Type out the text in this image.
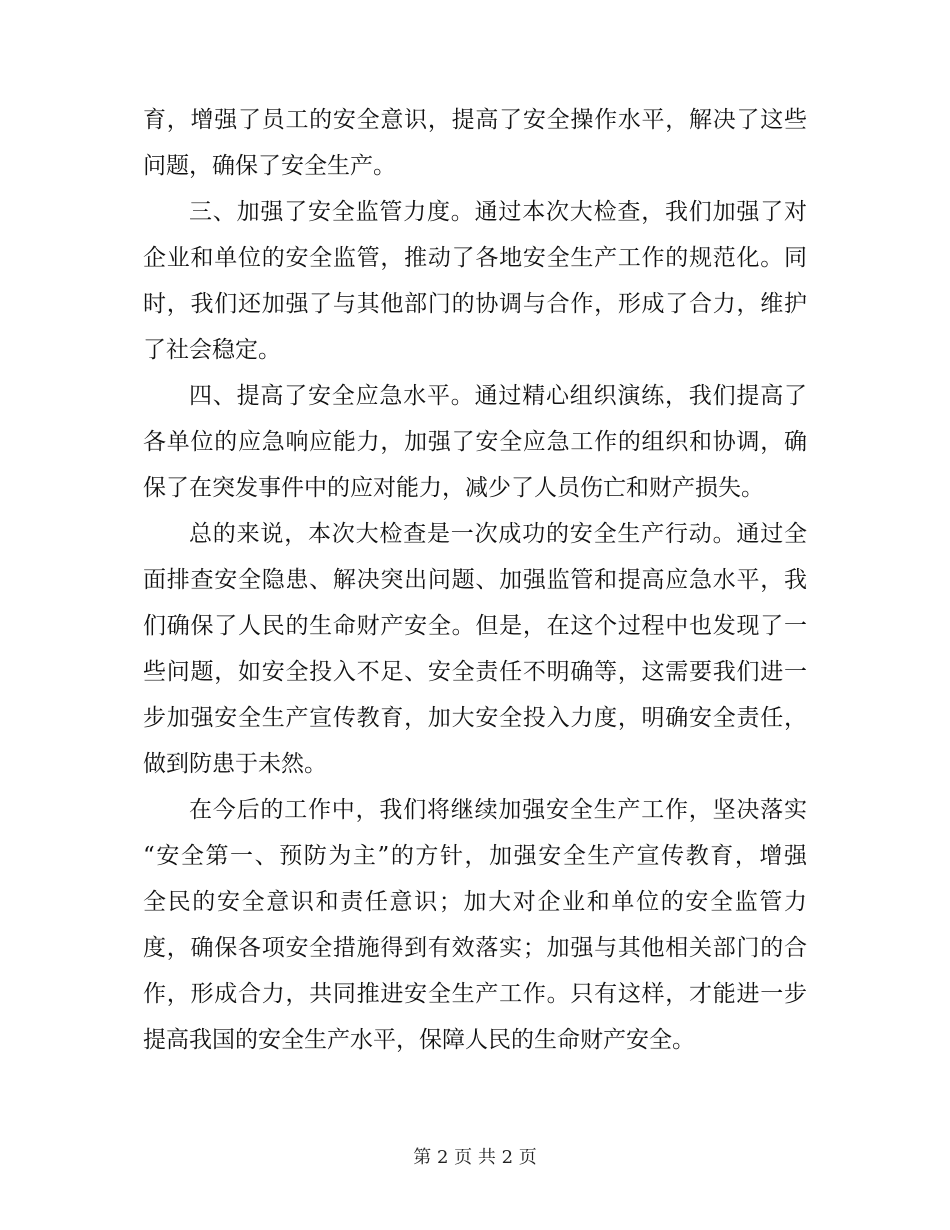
育，增强了员工的安全意识，提高了安全操作水平，解决了这些
问题，确保了安全生产。
三、加强了安全监管力度。通过本次大检查，我们加强了对
企业和单位的安全监管，推动了各地安全生产工作的规范化。同
时，我们还加强了与其他部门的协调与合作，形成了合力，维护
了社会稳定。
四、提高了安全应急水平。通过精心组织演练，我们提高了
各单位的应急响应能力，加强了安全应急工作的组织和协调，确
保了在突发事件中的应对能力，减少了人员伤亡和财产损失。
总的来说，本次大检查是一次成功的安全生产行动。通过全
面排查安全隐患、解决突出问题、加强监管和提高应急水平，我
们确保了人民的生命财产安全。但是，在这个过程中也发现了一
些问题，如安全投入不足、安全责任不明确等，这需要我们进一
步加强安全生产宣传教育，加大安全投入力度，明确安全责任，
做到防患于未然。
在今后的工作中，我们将继续加强安全生产工作，坚决落实
“安全第一、预防为主”的方针，加强安全生产宣传教育，增强
全民的安全意识和责任意识；加大对企业和单位的安全监管力
度，确保各项安全措施得到有效落实；加强与其他相关部门的合
作，形成合力，共同推进安全生产工作。只有这样，才能进一步
提高我国的安全生产水平，保障人民的生命财产安全。
第 2 页 共 2 页
